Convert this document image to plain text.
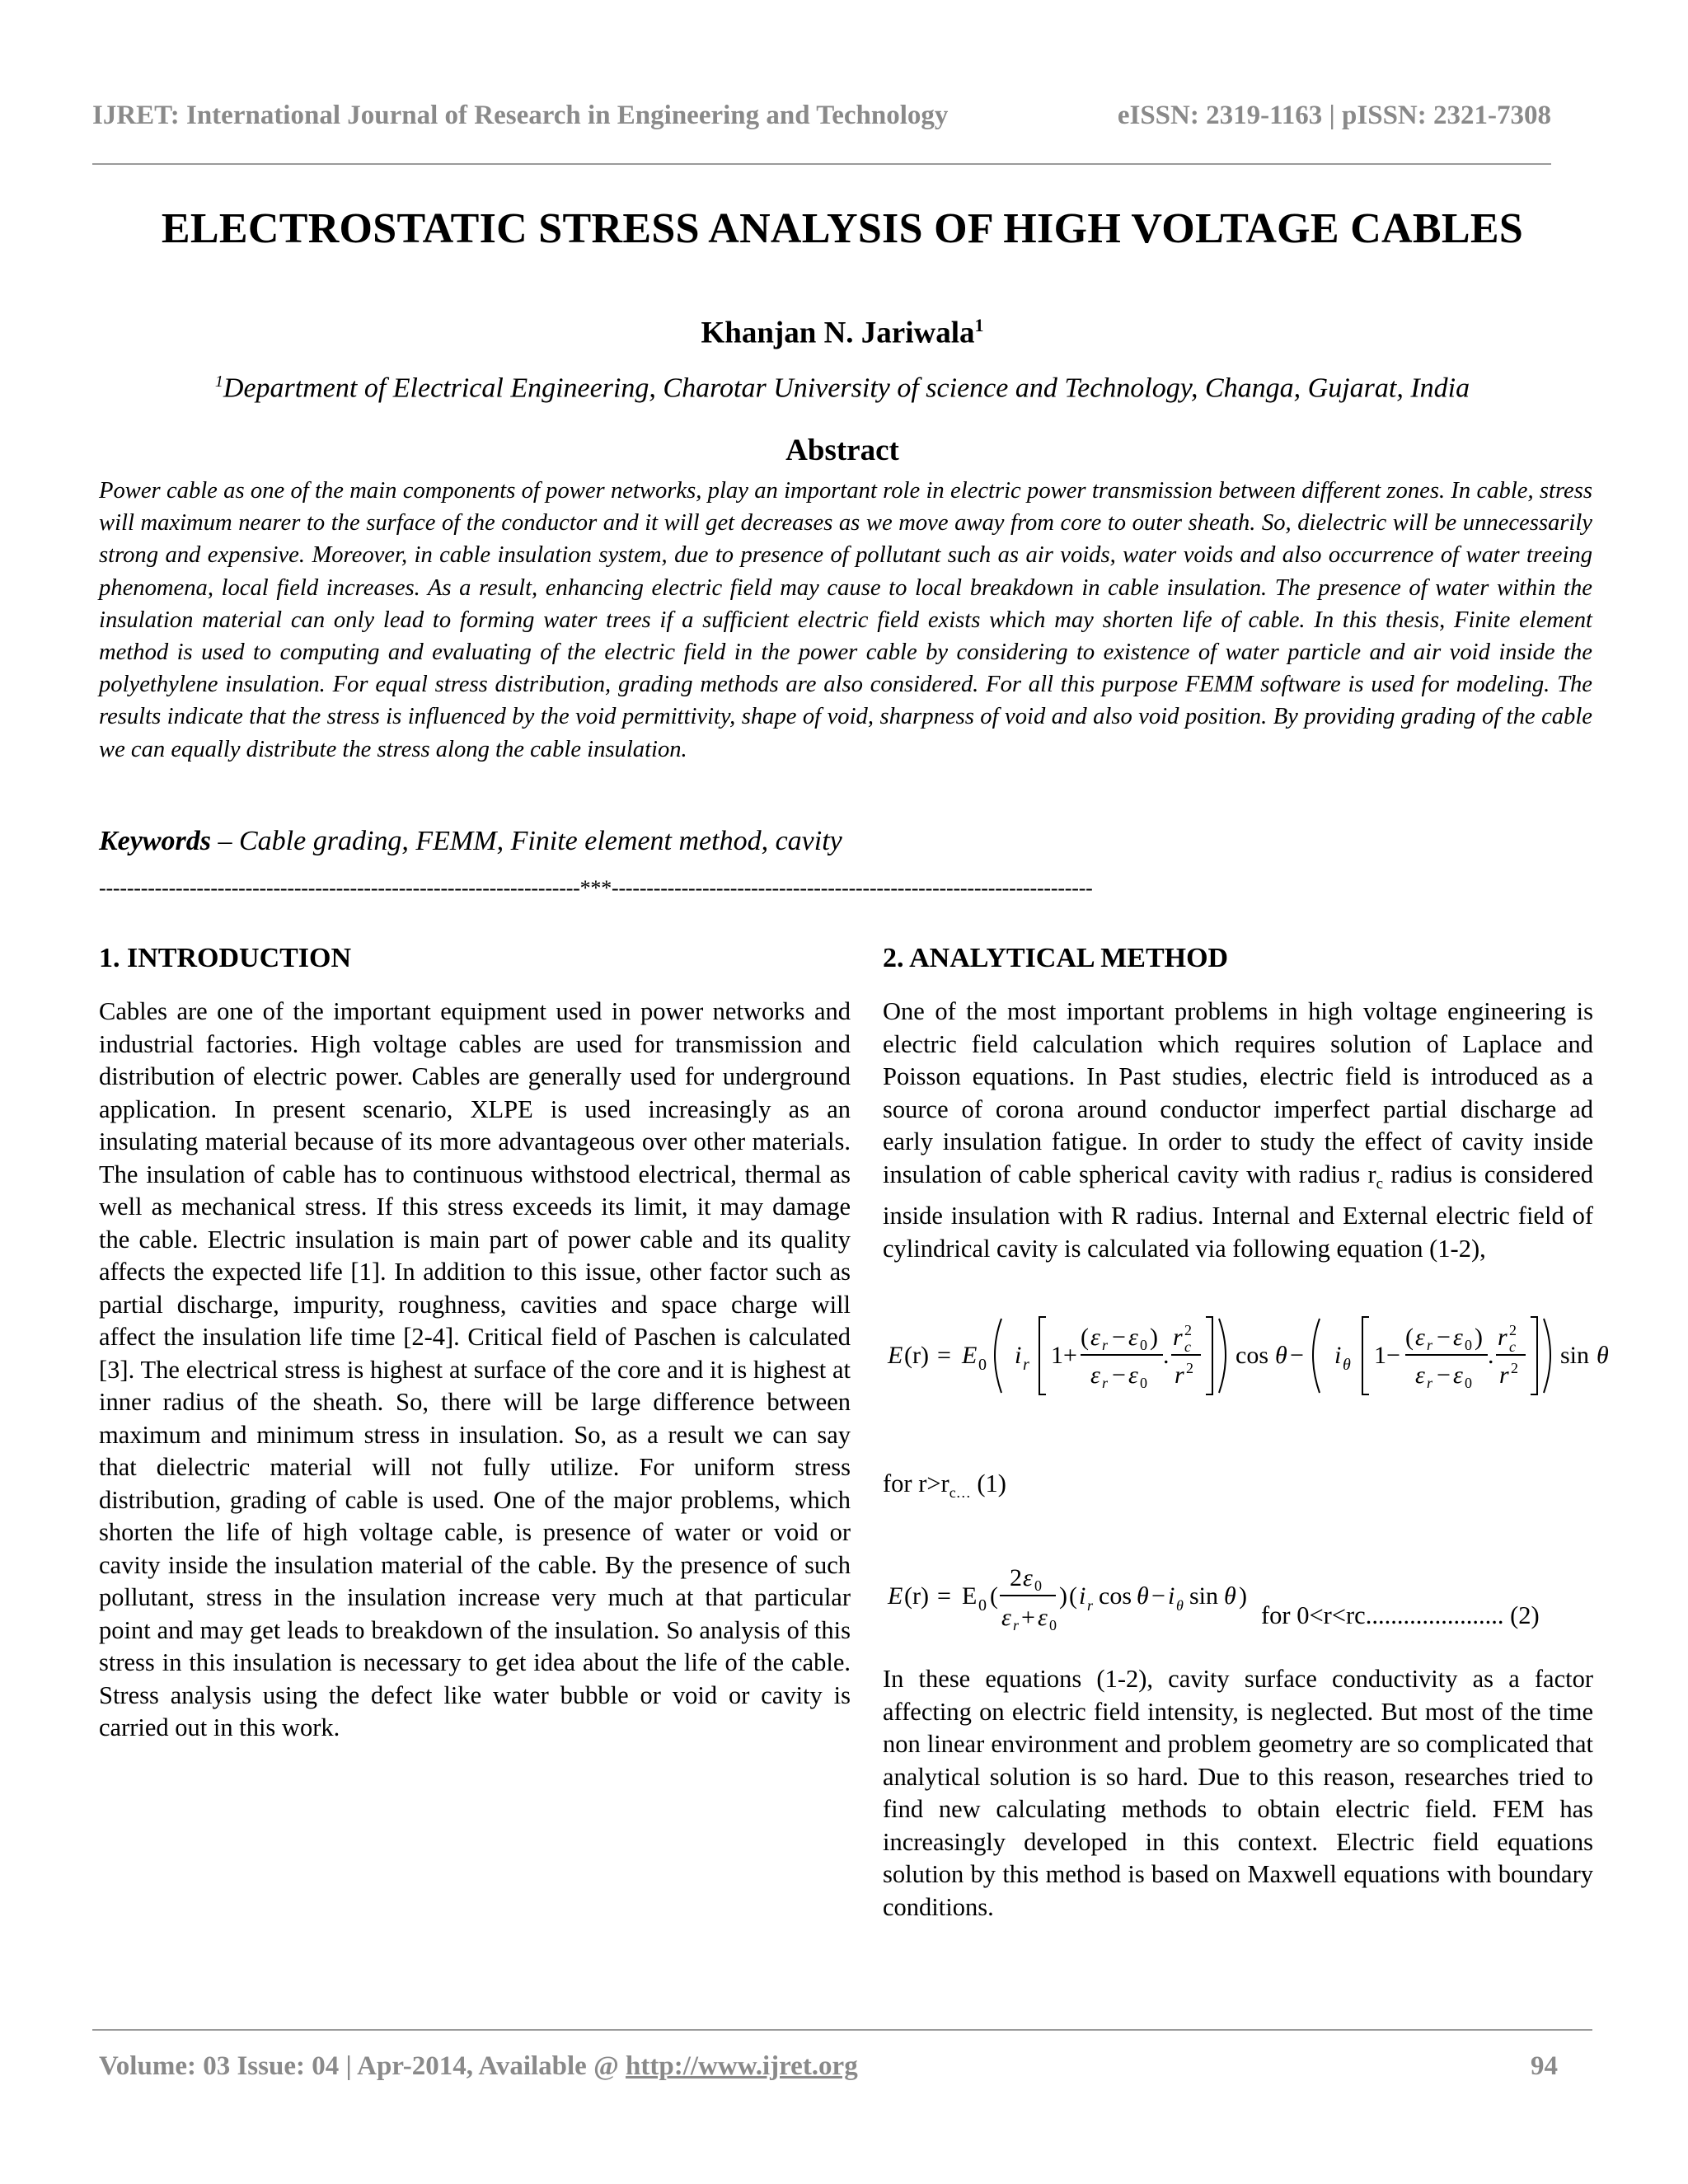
IJRET: International Journal of Research in Engineering and Technology	eISSN: 2319-1163 | pISSN: 2321-7308
ELECTROSTATIC STRESS ANALYSIS OF HIGH VOLTAGE CABLES
Khanjan N. Jariwala$^1$
$^1$Department of Electrical Engineering, Charotar University of science and Technology, Changa, Gujarat, India
Abstract
Power cable as one of the main components of power networks, play an important role in electric power transmission between different zones. In cable, stress will maximum nearer to the surface of the conductor and it will get decreases as we move away from core to outer sheath. So, dielectric will be unnecessarily strong and expensive. Moreover, in cable insulation system, due to presence of pollutant such as air voids, water voids and also occurrence of water treeing phenomena, local field increases. As a result, enhancing electric field may cause to local breakdown in cable insulation. The presence of water within the insulation material can only lead to forming water trees if a sufficient electric field exists which may shorten life of cable. In this thesis, Finite element method is used to computing and evaluating of the electric field in the power cable by considering to existence of water particle and air void inside the polyethylene insulation. For equal stress distribution, grading methods are also considered. For all this purpose FEMM software is used for modeling. The results indicate that the stress is influenced by the void permittivity, shape of void, sharpness of void and also void position. By providing grading of the cable we can equally distribute the stress along the cable insulation.
Keywords – Cable grading, FEMM, Finite element method, cavity
---------------------------------------------------------------------***---------------------------------------------------------------------
1. INTRODUCTION

Cables are one of the important equipment used in power networks and industrial factories. High voltage cables are used for transmission and distribution of electric power. Cables are generally used for underground application. In present scenario, XLPE is used increasingly as an insulating material because of its more advantageous over other materials. The insulation of cable has to continuous withstood electrical, thermal as well as mechanical stress. If this stress exceeds its limit, it may damage the cable. Electric insulation is main part of power cable and its quality affects the expected life [1]. In addition to this issue, other factor such as partial discharge, impurity, roughness, cavities and space charge will affect the insulation life time [2-4]. Critical field of Paschen is calculated [3]. The electrical stress is highest at surface of the core and it is highest at inner radius of the sheath. So, there will be large difference between maximum and minimum stress in insulation. So, as a result we can say that dielectric material will not fully utilize. For uniform stress distribution, grading of cable is used. One of the major problems, which shorten the life of high voltage cable, is presence of water or void or cavity inside the insulation material of the cable. By the presence of such pollutant, stress in the insulation increase very much at that particular point and may get leads to breakdown of the insulation. So analysis of this stress in this insulation is necessary to get idea about the life of the cable. Stress analysis using the defect like water bubble or void or cavity is carried out in this work.

2. ANALYTICAL METHOD

One of the most important problems in high voltage engineering is electric field calculation which requires solution of Laplace and Poisson equations. In Past studies, electric field is introduced as a source of corona around conductor imperfect partial discharge ad early insulation fatigue. In order to study the effect of cavity inside insulation of cable spherical cavity with radius $r_c$ radius is considered inside insulation with R radius. Internal and External electric field of cylindrical cavity is calculated via following equation (1-2),

E (r) = E 0 i r 1+
( ε r − ε 0 )
ε r − ε 0
.
r 2
c
r 2 cos θ − i θ 1−
( ε r − ε 0 )
ε r − ε 0
.
r 2
c
r 2 sin θ
for $r>r_{c\dots}$ (1)
E (r) = E 0 (
2 ε 0
ε r + ε 0
) ( i r cos θ − i θ sin θ )
for 0<r<rc...................... (2)

In these equations (1-2), cavity surface conductivity as a factor affecting on electric field intensity, is neglected. But most of the time non linear environment and problem geometry are so complicated that analytical solution is so hard. Due to this reason, researches tried to find new calculating methods to obtain electric field. FEM has increasingly developed in this context. Electric field equations solution by this method is based on Maxwell equations with boundary conditions.

Volume: 03 Issue: 04 | Apr-2014, Available @ http://www.ijret.org	94
